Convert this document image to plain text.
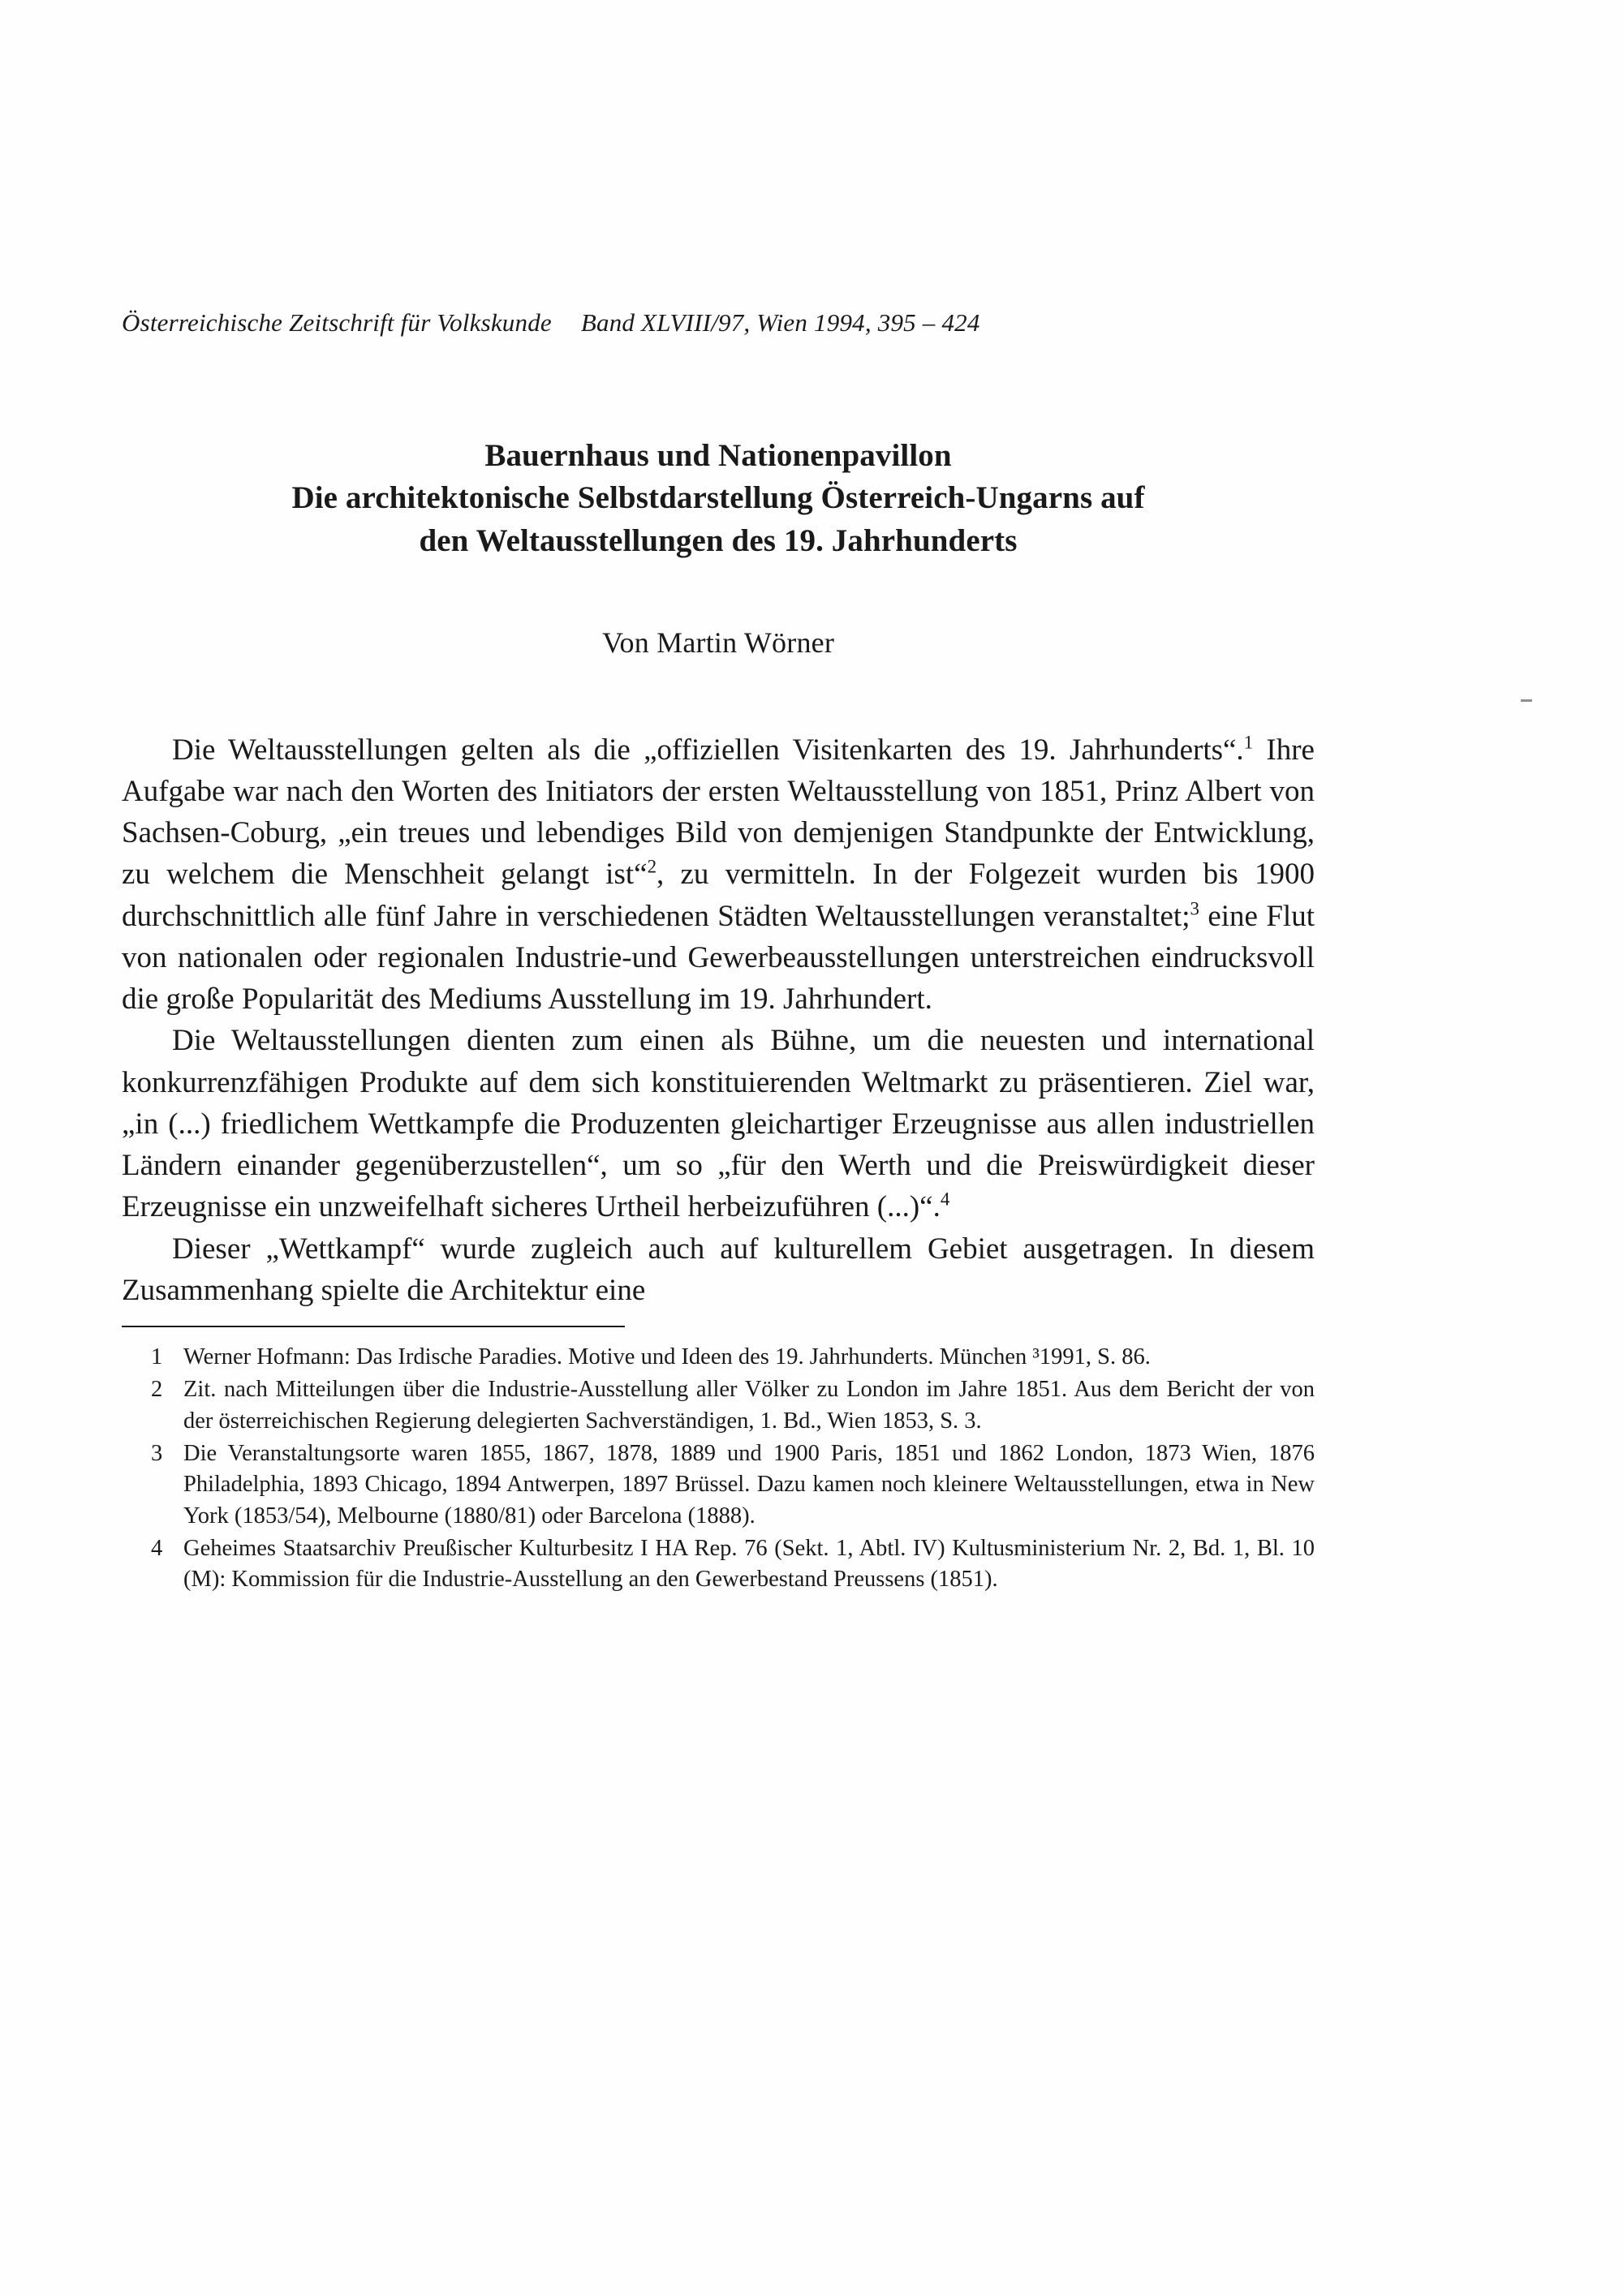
Österreichische Zeitschrift für Volkskunde Band XLVIII/97, Wien 1994, 395 – 424
Bauernhaus und Nationenpavillon
Die architektonische Selbstdarstellung Österreich-Ungarns auf
den Weltausstellungen des 19. Jahrhunderts
Von Martin Wörner

Die Weltausstellungen gelten als die „offiziellen Visitenkarten des 19. Jahrhunderts“.$^1$ Ihre Aufgabe war nach den Worten des Initiators der ersten Weltausstellung von 1851, Prinz Albert von Sachsen-Coburg, „ein treues und lebendiges Bild von demjenigen Standpunkte der Entwicklung, zu welchem die Menschheit gelangt ist“$^2$, zu vermitteln. In der Folgezeit wurden bis 1900 durchschnittlich alle fünf Jahre in verschiedenen Städten Weltausstellungen veranstaltet;$^3$ eine Flut von nationalen oder regionalen Industrie-und Gewerbeausstellungen unterstreichen eindrucksvoll die große Popularität des Mediums Ausstellung im 19. Jahrhundert.

Die Weltausstellungen dienten zum einen als Bühne, um die neuesten und international konkurrenzfähigen Produkte auf dem sich konstituierenden Weltmarkt zu präsentieren. Ziel war, „in (...) friedlichem Wettkampfe die Produzenten gleichartiger Erzeugnisse aus allen industriellen Ländern einander gegenüberzustellen“, um so „für den Werth und die Preiswürdigkeit dieser Erzeugnisse ein unzweifelhaft sicheres Urtheil herbeizuführen (...)“.$^4$

Dieser „Wettkampf“ wurde zugleich auch auf kulturellem Gebiet ausgetragen. In diesem Zusammenhang spielte die Architektur eine

1 Werner Hofmann: Das Irdische Paradies. Motive und Ideen des 19. Jahrhunderts. München ³1991, S. 86.
2 Zit. nach Mitteilungen über die Industrie-Ausstellung aller Völker zu London im Jahre 1851. Aus dem Bericht der von der österreichischen Regierung delegierten Sachverständigen, 1. Bd., Wien 1853, S. 3.
3 Die Veranstaltungsorte waren 1855, 1867, 1878, 1889 und 1900 Paris, 1851 und 1862 London, 1873 Wien, 1876 Philadelphia, 1893 Chicago, 1894 Antwerpen, 1897 Brüssel. Dazu kamen noch kleinere Weltausstellungen, etwa in New York (1853/54), Melbourne (1880/81) oder Barcelona (1888).
4 Geheimes Staatsarchiv Preußischer Kulturbesitz I HA Rep. 76 (Sekt. 1, Abtl. IV) Kultusministerium Nr. 2, Bd. 1, Bl. 10 (M): Kommission für die Industrie-Ausstellung an den Gewerbestand Preussens (1851).
